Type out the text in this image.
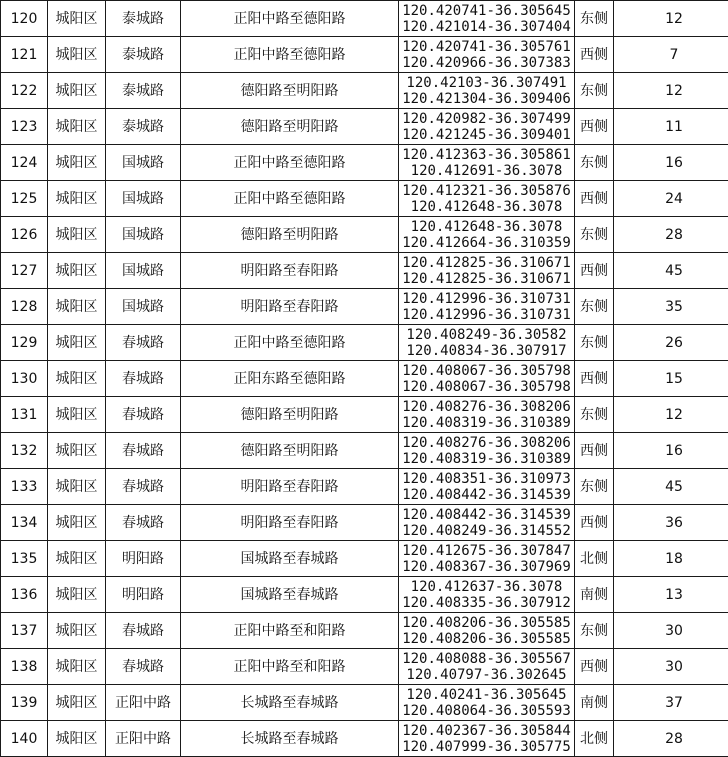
120	城阳区	泰城路	正阳中路至德阳路	120.420741-36.305645
120.421014-36.307404	东侧	12
121	城阳区	泰城路	正阳中路至德阳路	120.420741-36.305761
120.420966-36.307383	西侧	7
122	城阳区	泰城路	德阳路至明阳路	120.42103-36.307491
120.421304-36.309406	东侧	12
123	城阳区	泰城路	德阳路至明阳路	120.420982-36.307499
120.421245-36.309401	西侧	11
124	城阳区	国城路	正阳中路至德阳路	120.412363-36.305861
120.412691-36.3078	东侧	16
125	城阳区	国城路	正阳中路至德阳路	120.412321-36.305876
120.412648-36.3078	西侧	24
126	城阳区	国城路	德阳路至明阳路	120.412648-36.3078
120.412664-36.310359	东侧	28
127	城阳区	国城路	明阳路至春阳路	120.412825-36.310671
120.412825-36.310671	西侧	45
128	城阳区	国城路	明阳路至春阳路	120.412996-36.310731
120.412996-36.310731	东侧	35
129	城阳区	春城路	正阳中路至德阳路	120.408249-36.30582
120.40834-36.307917	东侧	26
130	城阳区	春城路	正阳东路至德阳路	120.408067-36.305798
120.408067-36.305798	西侧	15
131	城阳区	春城路	德阳路至明阳路	120.408276-36.308206
120.408319-36.310389	东侧	12
132	城阳区	春城路	德阳路至明阳路	120.408276-36.308206
120.408319-36.310389	西侧	16
133	城阳区	春城路	明阳路至春阳路	120.408351-36.310973
120.408442-36.314539	东侧	45
134	城阳区	春城路	明阳路至春阳路	120.408442-36.314539
120.408249-36.314552	西侧	36
135	城阳区	明阳路	国城路至春城路	120.412675-36.307847
120.408367-36.307969	北侧	18
136	城阳区	明阳路	国城路至春城路	120.412637-36.3078
120.408335-36.307912	南侧	13
137	城阳区	春城路	正阳中路至和阳路	120.408206-36.305585
120.408206-36.305585	东侧	30
138	城阳区	春城路	正阳中路至和阳路	120.408088-36.305567
120.40797-36.302645	西侧	30
139	城阳区	正阳中路	长城路至春城路	120.40241-36.305645
120.408064-36.305593	南侧	37
140	城阳区	正阳中路	长城路至春城路	120.402367-36.305844
120.407999-36.305775	北侧	28
